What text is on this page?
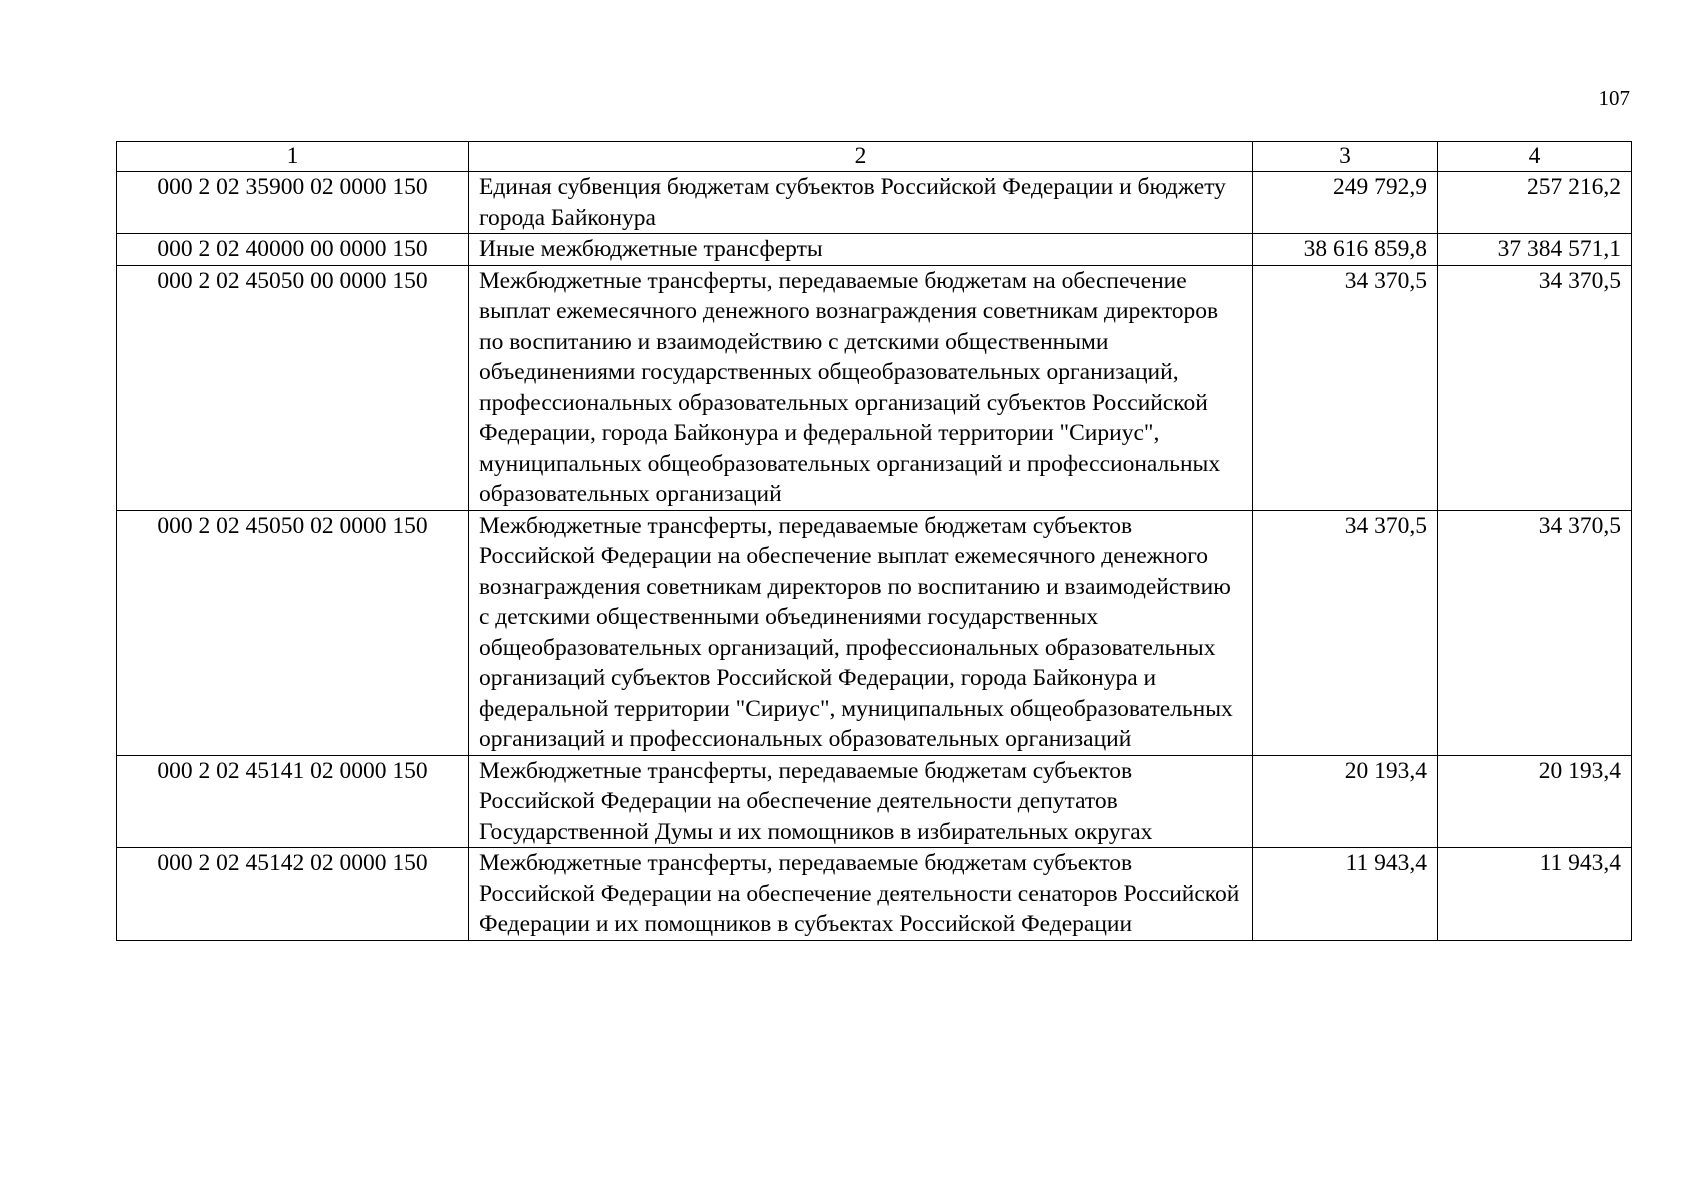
107
1	2	3	4
000 2 02 35900 02 0000 150	Единая субвенция бюджетам субъектов Российской Федерации и бюджету города Байконура	249 792,9	257 216,2
000 2 02 40000 00 0000 150	Иные межбюджетные трансферты	38 616 859,8	37 384 571,1
000 2 02 45050 00 0000 150	Межбюджетные трансферты, передаваемые бюджетам на обеспечение выплат ежемесячного денежного вознаграждения советникам директоров по воспитанию и взаимодействию с детскими общественными объединениями государственных общеобразовательных организаций, профессиональных образовательных организаций субъектов Российской Федерации, города Байконура и федеральной территории "Сириус", муниципальных общеобразовательных организаций и профессиональных образовательных организаций	34 370,5	34 370,5
000 2 02 45050 02 0000 150	Межбюджетные трансферты, передаваемые бюджетам субъектов Российской Федерации на обеспечение выплат ежемесячного денежного вознаграждения советникам директоров по воспитанию и взаимодействию с детскими общественными объединениями государственных общеобразовательных организаций, профессиональных образовательных организаций субъектов Российской Федерации, города Байконура и федеральной территории "Сириус", муниципальных общеобразовательных организаций и профессиональных образовательных организаций	34 370,5	34 370,5
000 2 02 45141 02 0000 150	Межбюджетные трансферты, передаваемые бюджетам субъектов Российской Федерации на обеспечение деятельности депутатов Государственной Думы и их помощников в избирательных округах	20 193,4	20 193,4
000 2 02 45142 02 0000 150	Межбюджетные трансферты, передаваемые бюджетам субъектов Российской Федерации на обеспечение деятельности сенаторов Российской Федерации и их помощников в субъектах Российской Федерации	11 943,4	11 943,4
